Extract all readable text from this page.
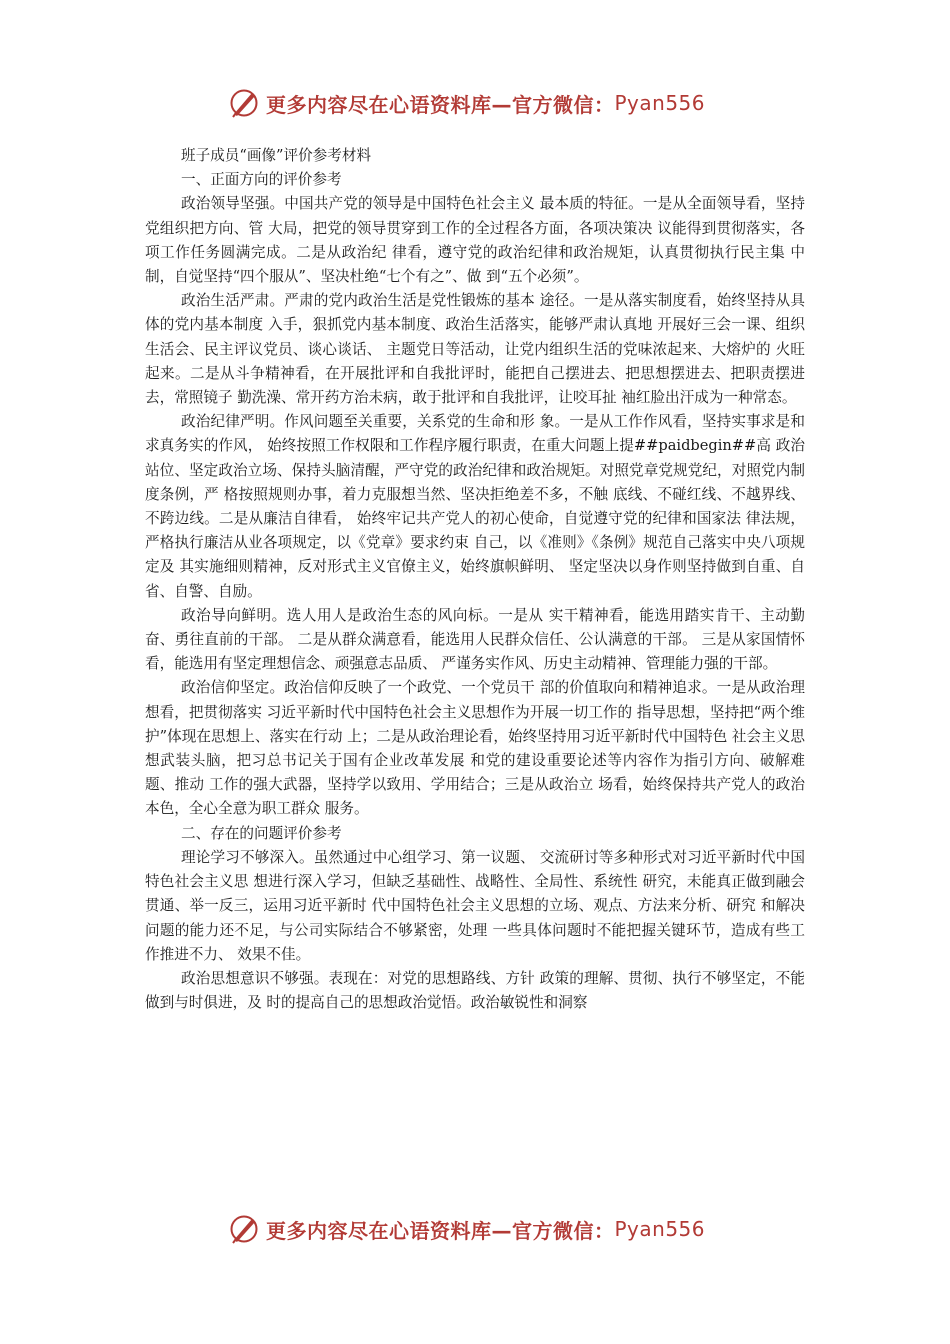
更多内容尽在心语资料库—官方微信： Pyan556

班子成员“画像”评价参考材料

一、正面方向的评价参考

政治领导坚强。中国共产党的领导是中国特色社会主义 最本质的特征。一是从全面领导看，坚持党组织把方向、管 大局，把党的领导贯穿到工作的全过程各方面，各项决策决 议能得到贯彻落实，各项工作任务圆满完成。二是从政治纪 律看，遵守党的政治纪律和政治规矩，认真贯彻执行民主集 中制，自觉坚持“四个服从”、坚决杜绝“七个有之”、做 到“五个必须”。

政治生活严肃。严肃的党内政治生活是党性锻炼的基本 途径。一是从落实制度看，始终坚持从具体的党内基本制度 入手，狠抓党内基本制度、政治生活落实，能够严肃认真地 开展好三会一课、组织生活会、民主评议党员、谈心谈话、 主题党日等活动，让党内组织生活的党味浓起来、大熔炉的 火旺起来。二是从斗争精神看，在开展批评和自我批评时，能把自己摆进去、把思想摆进去、把职责摆进去，常照镜子 勤洗澡、常开药方治未病，敢于批评和自我批评，让咬耳扯 袖红脸出汗成为一种常态。

政治纪律严明。作风问题至关重要，关系党的生命和形 象。一是从工作作风看，坚持实事求是和求真务实的作风， 始终按照工作权限和工作程序履行职责，在重大问题上提##paidbegin##高 政治站位、坚定政治立场、保持头脑清醒，严守党的政治纪律和政治规矩。对照党章党规党纪，对照党内制度条例，严 格按照规则办事，着力克服想当然、坚决拒绝差不多，不触 底线、不碰红线、不越界线、不跨边线。二是从廉洁自律看， 始终牢记共产党人的初心使命，自觉遵守党的纪律和国家法 律法规，严格执行廉洁从业各项规定，以《党章》要求约束 自己，以《准则》《条例》规范自己落实中央八项规定及 其实施细则精神，反对形式主义官僚主义，始终旗帜鲜明、 坚定坚决以身作则坚持做到自重、自省、自警、自励。

政治导向鲜明。选人用人是政治生态的风向标。一是从 实干精神看，能选用踏实肯干、主动勤奋、勇往直前的干部。 二是从群众满意看，能选用人民群众信任、公认满意的干部。 三是从家国情怀看，能选用有坚定理想信念、顽强意志品质、 严谨务实作风、历史主动精神、管理能力强的干部。

政治信仰坚定。政治信仰反映了一个政党、一个党员干 部的价值取向和精神追求。一是从政治理想看，把贯彻落实 习近平新时代中国特色社会主义思想作为开展一切工作的 指导思想，坚持把“两个维护”体现在思想上、落实在行动 上；二是从政治理论看，始终坚持用习近平新时代中国特色 社会主义思想武装头脑，把习总书记关于国有企业改革发展 和党的建设重要论述等内容作为指引方向、破解难题、推动 工作的强大武器，坚持学以致用、学用结合；三是从政治立 场看，始终保持共产党人的政治本色，全心全意为职工群众 服务。

二、存在的问题评价参考

理论学习不够深入。虽然通过中心组学习、第一议题、 交流研讨等多种形式对习近平新时代中国特色社会主义思 想进行深入学习，但缺乏基础性、战略性、全局性、系统性 研究，未能真正做到融会贯通、举一反三，运用习近平新时 代中国特色社会主义思想的立场、观点、方法来分析、研究 和解决问题的能力还不足，与公司实际结合不够紧密，处理 一些具体问题时不能把握关键环节，造成有些工作推进不力、 效果不佳。

政治思想意识不够强。表现在：对党的思想路线、方针 政策的理解、贯彻、执行不够坚定，不能做到与时俱进，及 时的提高自己的思想政治觉悟。政治敏锐性和洞察

更多内容尽在心语资料库—官方微信： Pyan556
